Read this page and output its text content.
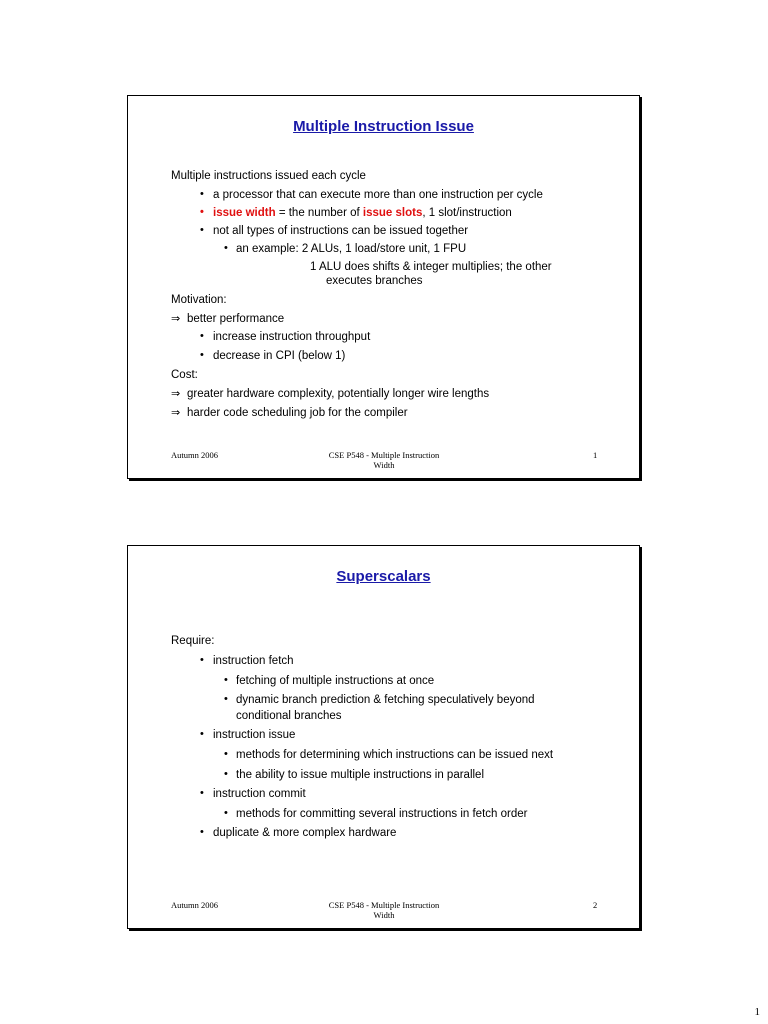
Multiple Instruction Issue
Multiple instructions issued each cycle
• a processor that can execute more than one instruction per cycle
• issue width = the number of issue slots, 1 slot/instruction
• not all types of instructions can be issued together
• an example: 2 ALUs, 1 load/store unit, 1 FPU
1 ALU does shifts & integer multiplies; the other
executes branches
Motivation:
⇒ better performance
• increase instruction throughput
• decrease in CPI (below 1)
Cost:
⇒ greater hardware complexity, potentially longer wire lengths
⇒ harder code scheduling job for the compiler
Autumn 2006	CSE P548 - Multiple Instruction
Width
1
Superscalars
Require:
• instruction fetch
• fetching of multiple instructions at once
• dynamic branch prediction & fetching speculatively beyond
conditional branches
• instruction issue
• methods for determining which instructions can be issued next
• the ability to issue multiple instructions in parallel
• instruction commit
• methods for committing several instructions in fetch order
• duplicate & more complex hardware
Autumn 2006	CSE P548 - Multiple Instruction
Width
2
1
